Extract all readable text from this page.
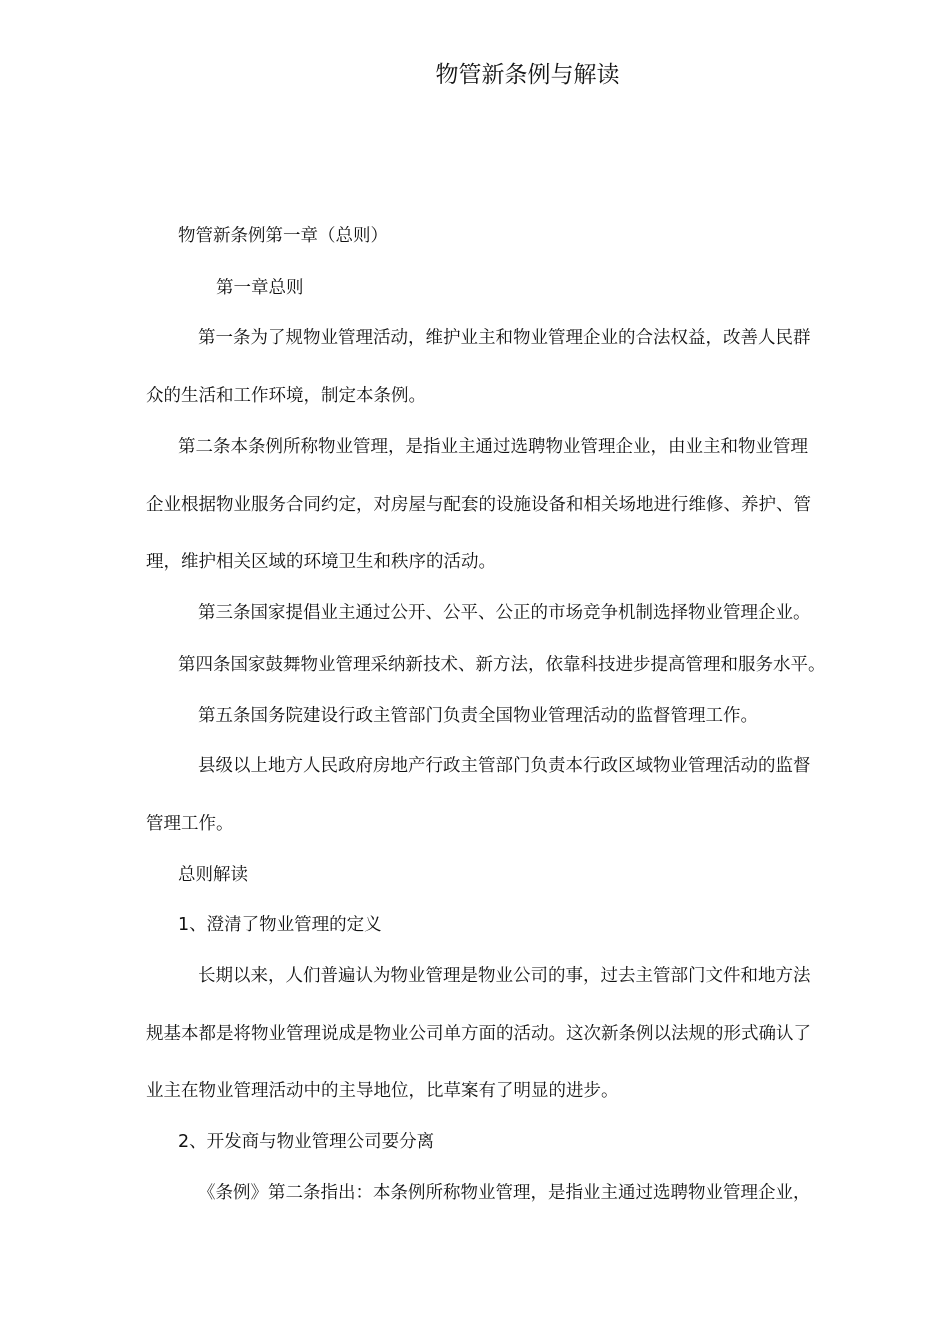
物管新条例与解读
物管新条例第一章（总则）
第一章总则
第一条为了规物业管理活动，维护业主和物业管理企业的合法权益，改善人民群
众的生活和工作环境，制定本条例。
第二条本条例所称物业管理，是指业主通过选聘物业管理企业，由业主和物业管理
企业根据物业服务合同约定，对房屋与配套的设施设备和相关场地进行维修、养护、管
理，维护相关区域的环境卫生和秩序的活动。
第三条国家提倡业主通过公开、公平、公正的市场竞争机制选择物业管理企业。
第四条国家鼓舞物业管理采纳新技术、新方法，依靠科技进步提高管理和服务水平。
第五条国务院建设行政主管部门负责全国物业管理活动的监督管理工作。
县级以上地方人民政府房地产行政主管部门负责本行政区域物业管理活动的监督
管理工作。
总则解读
1、澄清了物业管理的定义
长期以来，人们普遍认为物业管理是物业公司的事，过去主管部门文件和地方法
规基本都是将物业管理说成是物业公司单方面的活动。这次新条例以法规的形式确认了
业主在物业管理活动中的主导地位，比草案有了明显的进步。
2、开发商与物业管理公司要分离
《条例》第二条指出：本条例所称物业管理，是指业主通过选聘物业管理企业，
